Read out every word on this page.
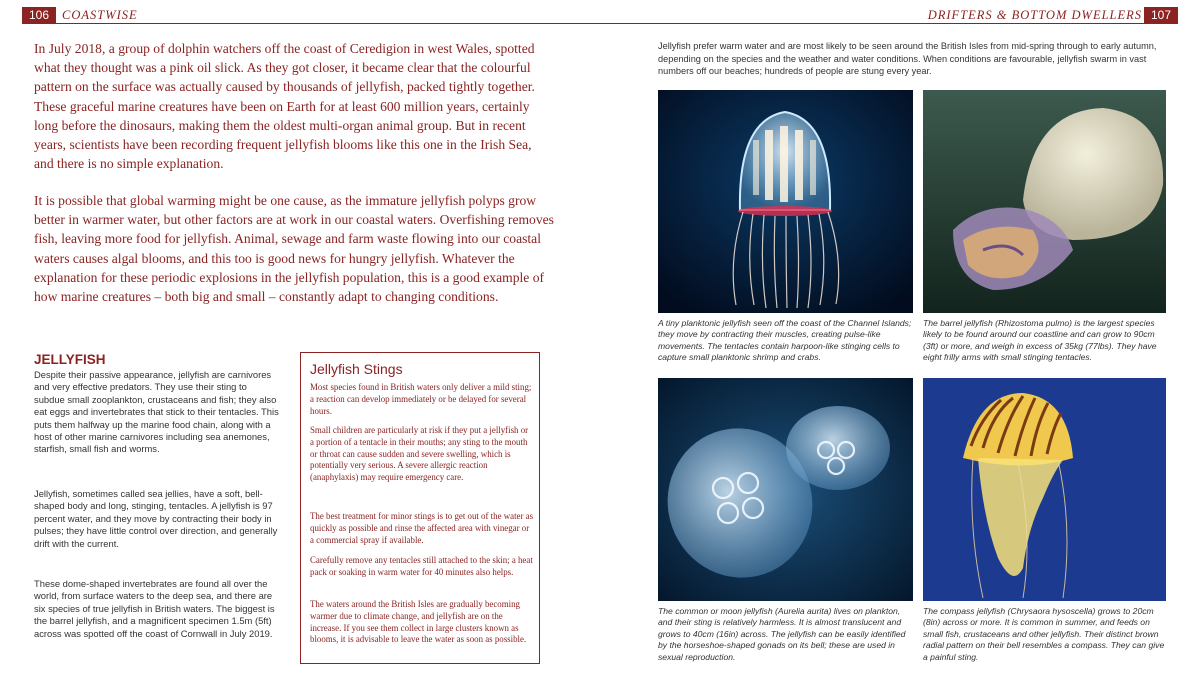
106	COASTWISE	DRIFTERS & BOTTOM DWELLERS 107

In July 2018, a group of dolphin watchers off the coast of Ceredigion in west Wales, spotted what they thought was a pink oil slick. As they got closer, it became clear that the colourful pattern on the surface was actually caused by thousands of jellyfish, packed tightly together. These graceful marine creatures have been on Earth for at least 600 million years, certainly long before the dinosaurs, making them the oldest multi-organ animal group. But in recent years, scientists have been recording frequent jellyfish blooms like this one in the Irish Sea, and there is no simple explanation.

It is possible that global warming might be one cause, as the immature jellyfish polyps grow better in warmer water, but other factors are at work in our coastal waters. Overfishing removes fish, leaving more food for jellyfish. Animal, sewage and farm waste flowing into our coastal waters causes algal blooms, and this too is good news for hungry jellyfish. Whatever the explanation for these periodic explosions in the jellyfish population, this is a good example of how marine creatures – both big and small – constantly adapt to changing conditions.

JELLYFISH

Despite their passive appearance, jellyfish are carnivores and very effective predators. They use their sting to subdue small zooplankton, crustaceans and fish; they also eat eggs and invertebrates that stick to their tentacles. This puts them halfway up the marine food chain, along with a host of other marine carnivores including sea anemones, starfish, small fish and worms.

Jellyfish, sometimes called sea jellies, have a soft, bell-shaped body and long, stinging, tentacles. A jellyfish is 97 percent water, and they move by contracting their body in pulses; they have little control over direction, and generally drift with the current.

These dome-shaped invertebrates are found all over the world, from surface waters to the deep sea, and there are six species of true jellyfish in British waters. The biggest is the barrel jellyfish, and a magnificent specimen 1.5m (5ft) across was spotted off the coast of Cornwall in July 2019.

Jellyfish Stings

Most species found in British waters only deliver a mild sting; a reaction can develop immediately or be delayed for several hours.

Small children are particularly at risk if they put a jellyfish or a portion of a tentacle in their mouths; any sting to the mouth or throat can cause sudden and severe swelling, which is potentially very serious. A severe allergic reaction (anaphylaxis) may require emergency care.

The best treatment for minor stings is to get out of the water as quickly as possible and rinse the affected area with vinegar or a commercial spray if available.

Carefully remove any tentacles still attached to the skin; a heat pack or soaking in warm water for 40 minutes also helps.

The waters around the British Isles are gradually becoming warmer due to climate change, and jellyfish are on the increase. If you see them collect in large clusters known as blooms, it is advisable to leave the water as soon as possible.

Jellyfish prefer warm water and are most likely to be seen around the British Isles from mid-spring through to early autumn, depending on the species and the weather and water conditions. When conditions are favourable, jellyfish swarm in vast numbers off our beaches; hundreds of people are stung every year.

A tiny planktonic jellyfish seen off the coast of the Channel Islands; they move by contracting their muscles, creating pulse-like movements. The tentacles contain harpoon-like stinging cells to capture small planktonic shrimp and crabs.

The barrel jellyfish (Rhizostoma pulmo) is the largest species likely to be found around our coastline and can grow to 90cm (3ft) or more, and weigh in excess of 35kg (77lbs). They have eight frilly arms with small stinging tentacles.

The common or moon jellyfish (Aurelia aurita) lives on plankton, and their sting is relatively harmless. It is almost translucent and grows to 40cm (16in) across. The jellyfish can be easily identified by the horseshoe-shaped gonads on its bell; these are used in sexual reproduction.

The compass jellyfish (Chrysaora hysoscella) grows to 20cm (8in) across or more. It is common in summer, and feeds on small fish, crustaceans and other jellyfish. Their distinct brown radial pattern on their bell resembles a compass. They can give a painful sting.
